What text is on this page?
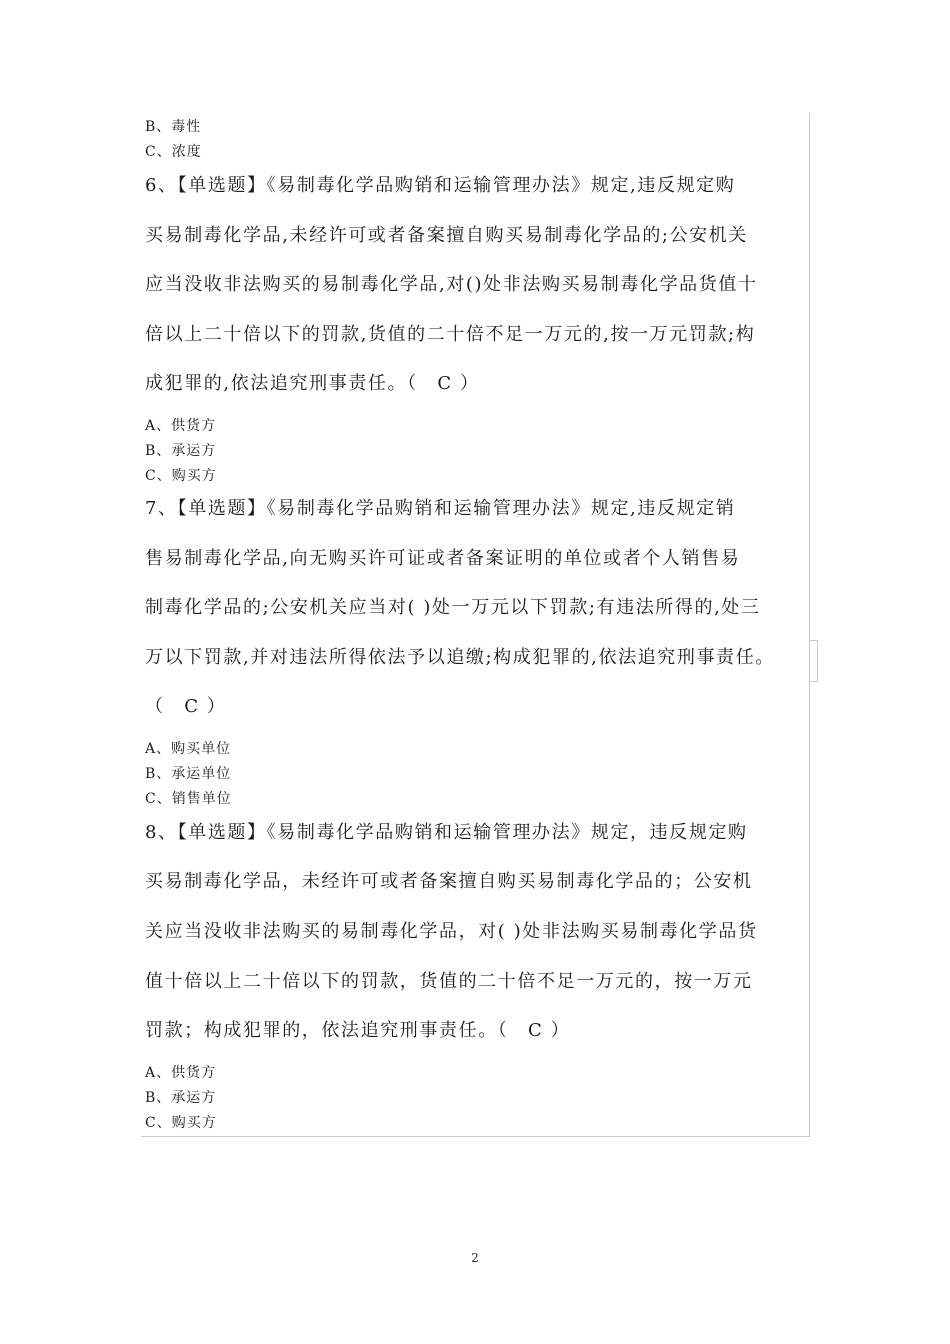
B、毒性
C、浓度
6、【单选题】《易制毒化学品购销和运输管理办法》规定,违反规定购
买易制毒化学品,未经许可或者备案擅自购买易制毒化学品的;公安机关
应当没收非法购买的易制毒化学品,对()处非法购买易制毒化学品货值十
倍以上二十倍以下的罚款,货值的二十倍不足一万元的,按一万元罚款;构
成犯罪的,依法追究刑事责任。（　C ）
A、供货方
B、承运方
C、购买方
7、【单选题】《易制毒化学品购销和运输管理办法》规定,违反规定销
售易制毒化学品,向无购买许可证或者备案证明的单位或者个人销售易
制毒化学品的;公安机关应当对( )处一万元以下罚款;有违法所得的,处三
万以下罚款,并对违法所得依法予以追缴;构成犯罪的,依法追究刑事责任。
（　C ）
A、购买单位
B、承运单位
C、销售单位
8、【单选题】《易制毒化学品购销和运输管理办法》规定，违反规定购
买易制毒化学品，未经许可或者备案擅自购买易制毒化学品的；公安机
关应当没收非法购买的易制毒化学品，对( )处非法购买易制毒化学品货
值十倍以上二十倍以下的罚款，货值的二十倍不足一万元的，按一万元
罚款；构成犯罪的，依法追究刑事责任。（　C ）
A、供货方
B、承运方
C、购买方
2
